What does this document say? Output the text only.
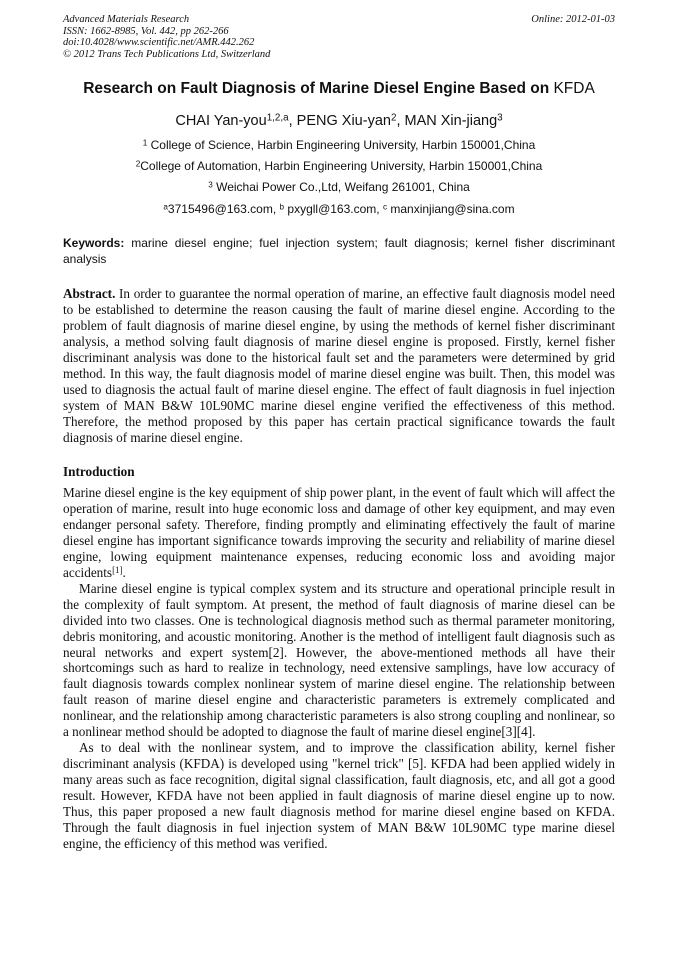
Advanced Materials Research
ISSN: 1662-8985, Vol. 442, pp 262-266
doi:10.4028/www.scientific.net/AMR.442.262
© 2012 Trans Tech Publications Ltd, Switzerland
Online: 2012-01-03
Research on Fault Diagnosis of Marine Diesel Engine Based on KFDA
CHAI Yan-you$^{1,2,a}$, PENG Xiu-yan$^2$, MAN Xin-jiang$^3$
$^1$ College of Science, Harbin Engineering University, Harbin 150001,China
$^2$College of Automation, Harbin Engineering University, Harbin 150001,China
$^3$ Weichai Power Co.,Ltd, Weifang 261001, China
$^a$3715496@163.com, $^b$ pxygll@163.com, $^c$ manxinjiang@sina.com
Keywords: marine diesel engine; fuel injection system; fault diagnosis; kernel fisher discriminant analysis
Abstract. In order to guarantee the normal operation of marine, an effective fault diagnosis model need to be established to determine the reason causing the fault of marine diesel engine. According to the problem of fault diagnosis of marine diesel engine, by using the methods of kernel fisher discriminant analysis, a method solving fault diagnosis of marine diesel engine is proposed. Firstly, kernel fisher discriminant analysis was done to the historical fault set and the parameters were determined by grid method. In this way, the fault diagnosis model of marine diesel engine was built. Then, this model was used to diagnosis the actual fault of marine diesel engine. The effect of fault diagnosis in fuel injection system of MAN B&W 10L90MC marine diesel engine verified the effectiveness of this method. Therefore, the method proposed by this paper has certain practical significance towards the fault diagnosis of marine diesel engine.
Introduction

Marine diesel engine is the key equipment of ship power plant, in the event of fault which will affect the operation of marine, result into huge economic loss and damage of other key equipment, and may even endanger personal safety. Therefore, finding promptly and eliminating effectively the fault of marine diesel engine has important significance towards improving the security and reliability of marine diesel engine, lowing equipment maintenance expenses, reducing economic loss and avoiding major accidents[1].

Marine diesel engine is typical complex system and its structure and operational principle result in the complexity of fault symptom. At present, the method of fault diagnosis of marine diesel can be divided into two classes. One is technological diagnosis method such as thermal parameter monitoring, debris monitoring, and acoustic monitoring. Another is the method of intelligent fault diagnosis such as neural networks and expert system[2]. However, the above-mentioned methods all have their shortcomings such as hard to realize in technology, need extensive samplings, have low accuracy of fault diagnosis towards complex nonlinear system of marine diesel engine. The relationship between fault reason of marine diesel engine and characteristic parameters is extremely complicated and nonlinear, and the relationship among characteristic parameters is also strong coupling and nonlinear, so a nonlinear method should be adopted to diagnose the fault of marine diesel engine[3][4].

As to deal with the nonlinear system, and to improve the classification ability, kernel fisher discriminant analysis (KFDA) is developed using "kernel trick" [5]. KFDA had been applied widely in many areas such as face recognition, digital signal classification, fault diagnosis, etc, and all got a good result. However, KFDA have not been applied in fault diagnosis of marine diesel engine up to now. Thus, this paper proposed a new fault diagnosis method for marine diesel engine based on KFDA. Through the fault diagnosis in fuel injection system of MAN B&W 10L90MC type marine diesel engine, the efficiency of this method was verified.
